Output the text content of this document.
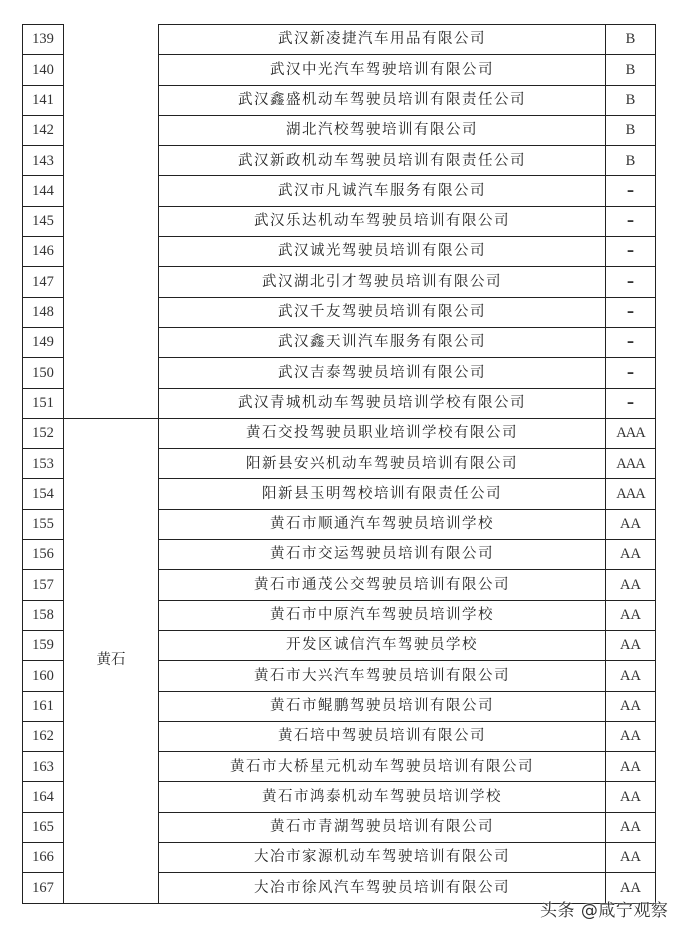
139		武汉新凌捷汽车用品有限公司	B
140		武汉中光汽车驾驶培训有限公司	B
141		武汉鑫盛机动车驾驶员培训有限责任公司	B
142		湖北汽校驾驶培训有限公司	B
143		武汉新政机动车驾驶员培训有限责任公司	B
144		武汉市凡诚汽车服务有限公司	–
145		武汉乐达机动车驾驶员培训有限公司	–
146		武汉诚光驾驶员培训有限公司	–
147		武汉湖北引才驾驶员培训有限公司	–
148		武汉千友驾驶员培训有限公司	–
149		武汉鑫天训汽车服务有限公司	–
150		武汉吉泰驾驶员培训有限公司	–
151		武汉青城机动车驾驶员培训学校有限公司	–
152	黄石	黄石交投驾驶员职业培训学校有限公司	AAA
153		阳新县安兴机动车驾驶员培训有限公司	AAA
154		阳新县玉明驾校培训有限责任公司	AAA
155		黄石市顺通汽车驾驶员培训学校	AA
156		黄石市交运驾驶员培训有限公司	AA
157		黄石市通茂公交驾驶员培训有限公司	AA
158		黄石市中原汽车驾驶员培训学校	AA
159		开发区诚信汽车驾驶员学校	AA
160		黄石市大兴汽车驾驶员培训有限公司	AA
161		黄石市鲲鹏驾驶员培训有限公司	AA
162		黄石培中驾驶员培训有限公司	AA
163		黄石市大桥星元机动车驾驶员培训有限公司	AA
164		黄石市鸿泰机动车驾驶员培训学校	AA
165		黄石市青湖驾驶员培训有限公司	AA
166		大冶市家源机动车驾驶培训有限公司	AA
167		大冶市徐风汽车驾驶员培训有限公司	AA
头条 @咸宁观察
